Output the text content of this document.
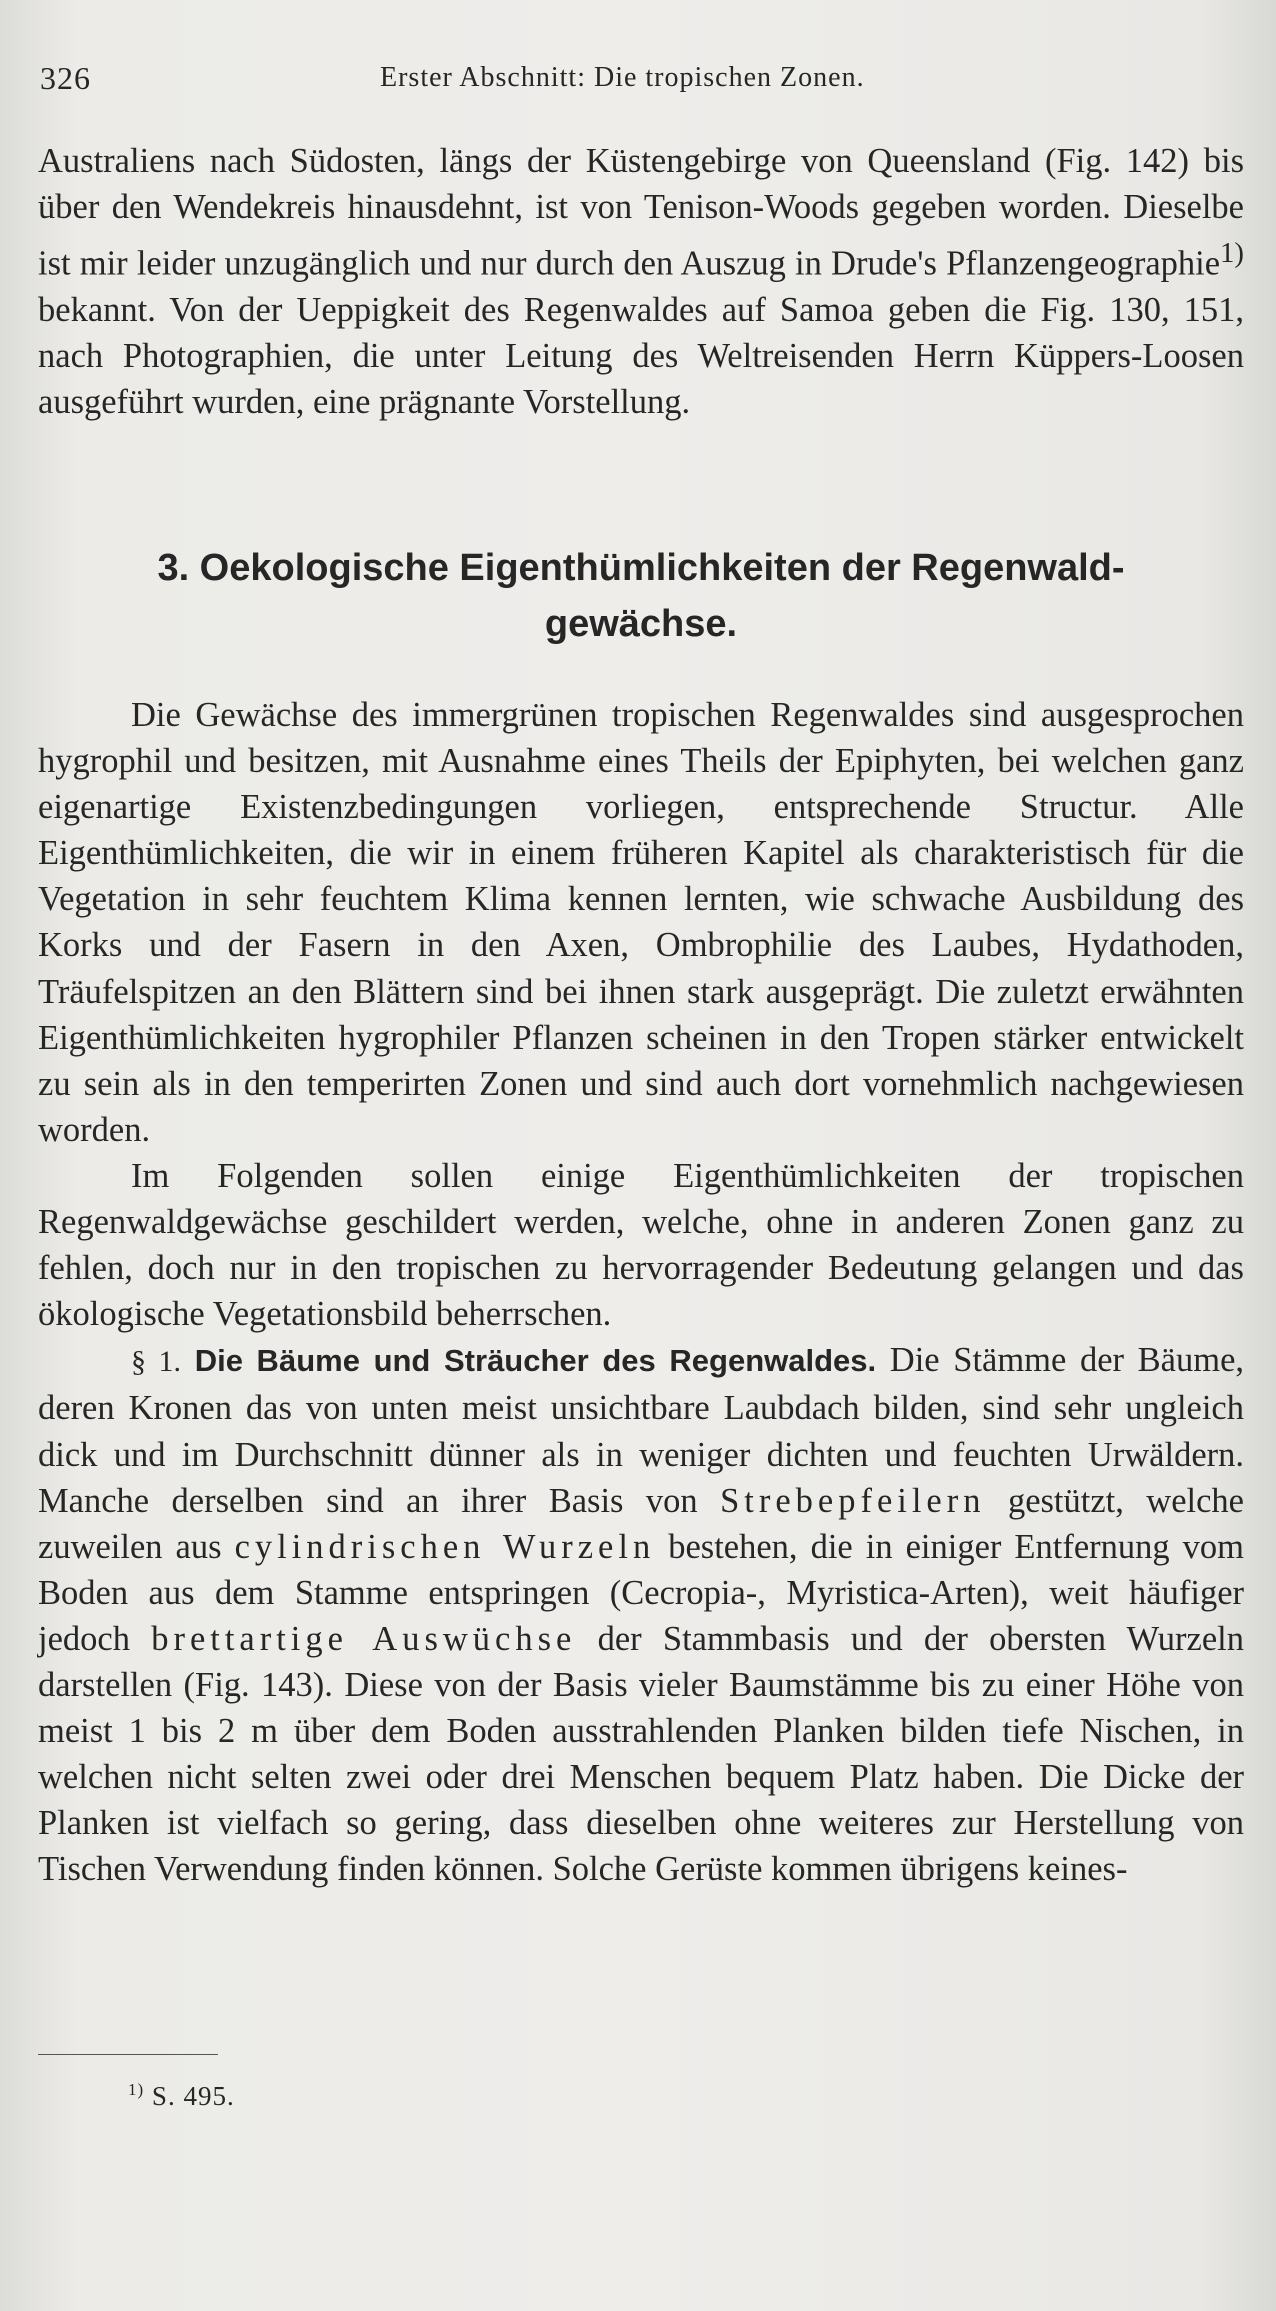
326	Erster Abschnitt: Die tropischen Zonen.

Australiens nach Südosten, längs der Küstengebirge von Queensland (Fig. 142) bis über den Wendekreis hinausdehnt, ist von Tenison-Woods gegeben worden. Dieselbe ist mir leider unzugänglich und nur durch den Auszug in Drude's Pflanzengeographie$^{1)}$ bekannt. Von der Ueppigkeit des Regenwaldes auf Samoa geben die Fig. 130, 151, nach Photographien, die unter Leitung des Weltreisenden Herrn Küppers-Loosen ausgeführt wurden, eine prägnante Vorstellung.

3. Oekologische Eigenthümlichkeiten der Regenwald-
gewächse.

Die Gewächse des immergrünen tropischen Regenwaldes sind ausgesprochen hygrophil und besitzen, mit Ausnahme eines Theils der Epiphyten, bei welchen ganz eigenartige Existenzbedingungen vorliegen, entsprechende Structur. Alle Eigenthümlichkeiten, die wir in einem früheren Kapitel als charakteristisch für die Vegetation in sehr feuchtem Klima kennen lernten, wie schwache Ausbildung des Korks und der Fasern in den Axen, Ombrophilie des Laubes, Hydathoden, Träufelspitzen an den Blättern sind bei ihnen stark ausgeprägt. Die zuletzt erwähnten Eigenthümlichkeiten hygrophiler Pflanzen scheinen in den Tropen stärker entwickelt zu sein als in den temperirten Zonen und sind auch dort vornehmlich nachgewiesen worden.

Im Folgenden sollen einige Eigenthümlichkeiten der tropischen Regenwaldgewächse geschildert werden, welche, ohne in anderen Zonen ganz zu fehlen, doch nur in den tropischen zu hervorragender Bedeutung gelangen und das ökologische Vegetationsbild beherrschen.

§ 1. Die Bäume und Sträucher des Regenwaldes. Die Stämme der Bäume, deren Kronen das von unten meist unsichtbare Laubdach bilden, sind sehr ungleich dick und im Durchschnitt dünner als in weniger dichten und feuchten Urwäldern. Manche derselben sind an ihrer Basis von Strebepfeilern gestützt, welche zuweilen aus cylindrischen Wurzeln bestehen, die in einiger Entfernung vom Boden aus dem Stamme entspringen (Cecropia-, Myristica-Arten), weit häufiger jedoch brettartige Auswüchse der Stammbasis und der obersten Wurzeln darstellen (Fig. 143). Diese von der Basis vieler Baumstämme bis zu einer Höhe von meist 1 bis 2 m über dem Boden ausstrahlenden Planken bilden tiefe Nischen, in welchen nicht selten zwei oder drei Menschen bequem Platz haben. Die Dicke der Planken ist vielfach so gering, dass dieselben ohne weiteres zur Herstellung von Tischen Verwendung finden können. Solche Gerüste kommen übrigens keines-

$^{1)}$ S. 495.
